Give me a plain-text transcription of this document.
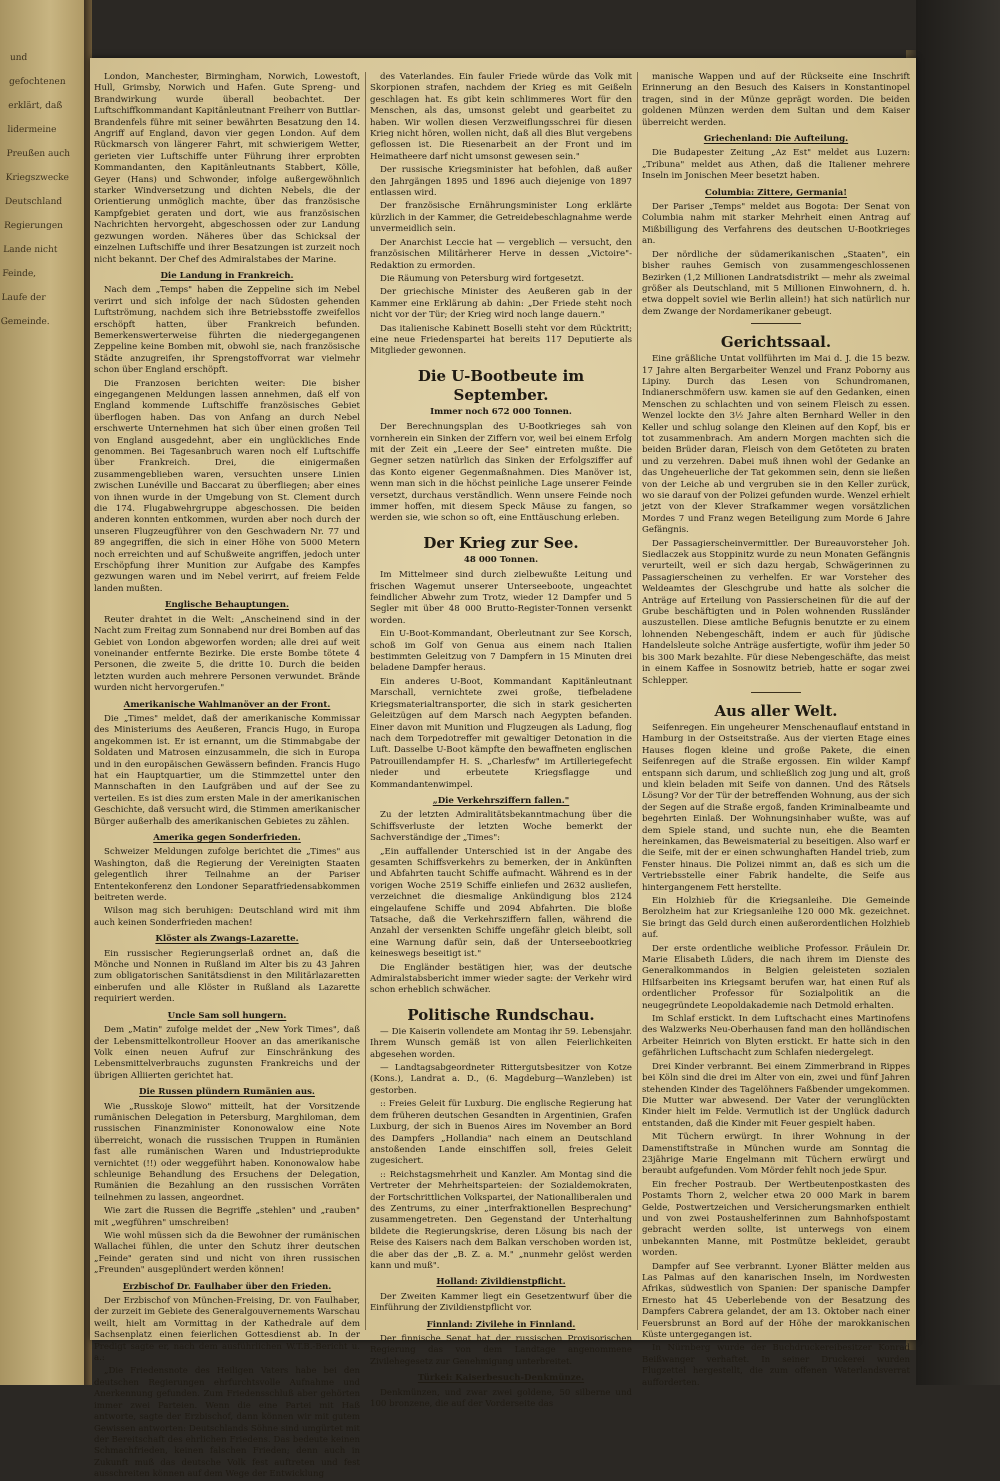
und

gefochtenen

erklärt, daß

lidermeine

Preußen auch

Kriegszwecke

Deutschland

Regierungen

Lande nicht

Feinde,

Laufe der

Gemeinde.

London, Manchester, Birmingham, Norwich, Lowestoft, Hull, Grimsby, Norwich und Hafen. Gute Spreng- und Brandwirkung wurde überall beobachtet. Der Luftschiffkommandant Kapitänleutnant Freiherr von Buttlar-Brandenfels führe mit seiner bewährten Besatzung den 14. Angriff auf England, davon vier gegen London. Auf dem Rückmarsch von längerer Fahrt, mit schwierigem Wetter, gerieten vier Luftschiffe unter Führung ihrer erprobten Kommandanten, den Kapitänleutnants Stabbert, Kölle, Geyer (Hans) und Schwonder, infolge außergewöhnlich starker Windversetzung und dichten Nebels, die der Orientierung unmöglich machte, über das französische Kampfgebiet geraten und dort, wie aus französischen Nachrichten hervorgeht, abgeschossen oder zur Landung gezwungen worden. Näheres über das Schicksal der einzelnen Luftschiffe und ihrer Besatzungen ist zurzeit noch nicht bekannt. Der Chef des Admiralstabes der Marine.

Die Landung in Frankreich.

Nach dem „Temps" haben die Zeppeline sich im Nebel verirrt und sich infolge der nach Südosten gehenden Luftströmung, nachdem sich ihre Betriebsstoffe zweifellos erschöpft hatten, über Frankreich befunden. Bemerkenswerterweise führten die niedergegangenen Zeppeline keine Bomben mit, obwohl sie, nach französische Städte anzugreifen, ihr Sprengstoffvorrat war vielmehr schon über England erschöpft.

Die Franzosen berichten weiter: Die bisher eingegangenen Meldungen lassen annehmen, daß elf von England kommende Luftschiffe französisches Gebiet überflogen haben. Das von Anfang an durch Nebel erschwerte Unternehmen hat sich über einen großen Teil von England ausgedehnt, aber ein unglückliches Ende genommen. Bei Tagesanbruch waren noch elf Luftschiffe über Frankreich. Drei, die einigermaßen zusammengeblieben waren, versuchten unsere Linien zwischen Lunéville und Baccarat zu überfliegen; aber eines von ihnen wurde in der Umgebung von St. Clement durch die 174. Flugabwehrgruppe abgeschossen. Die beiden anderen konnten entkommen, wurden aber noch durch der unseren Flugzeugführer von den Geschwadern Nr. 77 und 89 angegriffen, die sich in einer Höhe von 5000 Metern noch erreichten und auf Schußweite angriffen, jedoch unter Erschöpfung ihrer Munition zur Aufgabe des Kampfes gezwungen waren und im Nebel verirrt, auf freiem Felde landen mußten.

Englische Behauptungen.

Reuter drahtet in die Welt: „Anscheinend sind in der Nacht zum Freitag zum Sonnabend nur drei Bomben auf das Gebiet von London abgeworfen worden; alle drei auf weit voneinander entfernte Bezirke. Die erste Bombe tötete 4 Personen, die zweite 5, die dritte 10. Durch die beiden letzten wurden auch mehrere Personen verwundet. Brände wurden nicht hervorgerufen."

Amerikanische Wahlmanöver an der Front.

Die „Times" meldet, daß der amerikanische Kommissar des Ministeriums des Aeußeren, Francis Hugo, in Europa angekommen ist. Er ist ernannt, um die Stimmabgabe der Soldaten und Matrosen einzusammeln, die sich in Europa und in den europäischen Gewässern befinden. Francis Hugo hat ein Hauptquartier, um die Stimmzettel unter den Mannschaften in den Laufgräben und auf der See zu verteilen. Es ist dies zum ersten Male in der amerikanischen Geschichte, daß versucht wird, die Stimmen amerikanischer Bürger außerhalb des amerikanischen Gebietes zu zählen.

Amerika gegen Sonderfrieden.

Schweizer Meldungen zufolge berichtet die „Times" aus Washington, daß die Regierung der Vereinigten Staaten gelegentlich ihrer Teilnahme an der Pariser Ententekonferenz den Londoner Separatfriedensabkommen beitreten werde.

Wilson mag sich beruhigen: Deutschland wird mit ihm auch keinen Sonderfrieden machen!

Klöster als Zwangs-Lazarette.

Ein russischer Regierungserlaß ordnet an, daß die Mönche und Nonnen in Rußland im Alter bis zu 43 Jahren zum obligatorischen Sanitätsdienst in den Militärlazaretten einberufen und alle Klöster in Rußland als Lazarette requiriert werden.

Uncle Sam soll hungern.

Dem „Matin" zufolge meldet der „New York Times", daß der Lebensmittelkontrolleur Hoover an das amerikanische Volk einen neuen Aufruf zur Einschränkung des Lebensmittelverbrauchs zugunsten Frankreichs und der übrigen Alliierten gerichtet hat.

Die Russen plündern Rumänien aus.

Wie „Russkoje Slowo" mitteilt, hat der Vorsitzende rumänischen Delegation in Petersburg, Marghiloman, dem russischen Finanzminister Kononowalow eine Note überreicht, wonach die russischen Truppen in Rumänien fast alle rumänischen Waren und Industrieprodukte vernichtet (!!) oder weggeführt haben. Kononowalow habe schleunige Behandlung des Ersuchens der Delegation, Rumänien die Bezahlung an den russischen Vorräten teilnehmen zu lassen, angeordnet.

Wie zart die Russen die Begriffe „stehlen" und „rauben" mit „wegführen" umschreiben!

Wie wohl müssen sich da die Bewohner der rumänischen Wallachei fühlen, die unter den Schutz ihrer deutschen „Feinde" geraten sind und nicht von ihren russischen „Freunden" ausgeplündert werden können!

Erzbischof Dr. Faulhaber über den Frieden.

Der Erzbischof von München-Freising, Dr. von Faulhaber, der zurzeit im Gebiete des Generalgouvernements Warschau weilt, hielt am Vormittag in der Kathedrale auf dem Sachsenplatz einen feierlichen Gottesdienst ab. In der Predigt sagte er, nach dem ausführlichen W.T.B.-Bericht u. a.:

„Die Friedensnote des Heiligen Vaters habe bei den deutschen Regierungen ehrfurchtsvolle Aufnahme und Anerkennung gefunden. Zum Friedensschluß aber gehörten immer zwei Parteien. Wenn die eine Partei mit Haß antworte, sagte der Erzbischof, dann können wir mit gutem Gewissen antworten: Deutschlands Söhne sind umgürtet mit der Bereitschaft des ehrlichen Friedens. Das bedeute keinen Schmachfrieden, keinen falschen Frieden; denn auch in Zukunft muß das deutsche Volk fest auftreten und fest ausschreiten können auf dem Wege der Entwicklung

des Vaterlandes. Ein fauler Friede würde das Volk mit Skorpionen strafen, nachdem der Krieg es mit Geißeln geschlagen hat. Es gibt kein schlimmeres Wort für den Menschen, als das, umsonst gelebt und gearbeitet zu haben. Wir wollen diesen Verzweiflungsschrei für diesen Krieg nicht hören, wollen nicht, daß all dies Blut vergebens geflossen ist. Die Riesenarbeit an der Front und im Heimatheere darf nicht umsonst gewesen sein."

Der russische Kriegsminister hat befohlen, daß außer den Jahrgängen 1895 und 1896 auch diejenige von 1897 entlassen wird.

Der französische Ernährungsminister Long erklärte kürzlich in der Kammer, die Getreidebeschlagnahme werde unvermeidlich sein.

Der Anarchist Leccie hat — vergeblich — versucht, den französischen Militärherer Herve in dessen „Victoire"-Redaktion zu ermorden.

Die Räumung von Petersburg wird fortgesetzt.

Der griechische Minister des Aeußeren gab in der Kammer eine Erklärung ab dahin: „Der Friede steht noch nicht vor der Tür; der Krieg wird noch lange dauern."

Das italienische Kabinett Boselli steht vor dem Rücktritt; eine neue Friedenspartei hat bereits 117 Deputierte als Mitglieder gewonnen.

Die U-Bootbeute im September.
Immer noch 672 000 Tonnen.

Der Berechnungsplan des U-Bootkrieges sah von vornherein ein Sinken der Ziffern vor, weil bei einem Erfolg mit der Zeit ein „Leere der See" eintreten mußte. Die Gegner setzen natürlich das Sinken der Erfolgsziffer auf das Konto eigener Gegenmaßnahmen. Dies Manöver ist, wenn man sich in die höchst peinliche Lage unserer Feinde versetzt, durchaus verständlich. Wenn unsere Feinde noch immer hoffen, mit diesem Speck Mäuse zu fangen, so werden sie, wie schon so oft, eine Enttäuschung erleben.

Der Krieg zur See.
48 000 Tonnen.

Im Mittelmeer sind durch zielbewußte Leitung und frischen Wagemut unserer Unterseeboote, ungeachtet feindlicher Abwehr zum Trotz, wieder 12 Dampfer und 5 Segler mit über 48 000 Brutto-Register-Tonnen versenkt worden.

Ein U-Boot-Kommandant, Oberleutnant zur See Korsch, schoß im Golf von Genua aus einem nach Italien bestimmten Geleitzug von 7 Dampfern in 15 Minuten drei beladene Dampfer heraus.

Ein anderes U-Boot, Kommandant Kapitänleutnant Marschall, vernichtete zwei große, tiefbeladene Kriegsmaterialtransporter, die sich in stark gesicherten Geleitzügen auf dem Marsch nach Aegypten befanden. Einer davon mit Munition und Flugzeugen als Ladung, flog nach dem Torpedotreffer mit gewaltiger Detonation in die Luft. Dasselbe U-Boot kämpfte den bewaffneten englischen Patrouillendampfer H. S. „Charlesfw" im Artilleriegefecht nieder und erbeutete Kriegsflagge und Kommandantenwimpel.

„Die Verkehrsziffern fallen."

Zu der letzten Admiralitätsbekanntmachung über die Schiffsverluste der letzten Woche bemerkt der Sachverständige der „Times":

„Ein auffallender Unterschied ist in der Angabe des gesamten Schiffsverkehrs zu bemerken, der in Ankünften und Abfahrten taucht Schiffe aufmacht. Während es in der vorigen Woche 2519 Schiffe einliefen und 2632 ausliefen, verzeichnet die diesmalige Ankündigung blos 2124 eingelaufene Schiffe und 2094 Abfahrten. Die bloße Tatsache, daß die Verkehrsziffern fallen, während die Anzahl der versenkten Schiffe ungefähr gleich bleibt, soll eine Warnung dafür sein, daß der Unterseebootkrieg keineswegs beseitigt ist."

Die Engländer bestätigen hier, was der deutsche Admiralstabsbericht immer wieder sagte: der Verkehr wird schon erheblich schwächer.

Politische Rundschau.

— Die Kaiserin vollendete am Montag ihr 59. Lebensjahr. Ihrem Wunsch gemäß ist von allen Feierlichkeiten abgesehen worden.

— Landtagsabgeordneter Rittergutsbesitzer von Kotze (Kons.), Landrat a. D., (6. Magdeburg—Wanzleben) ist gestorben.

:: Freies Geleit für Luxburg. Die englische Regierung hat dem früheren deutschen Gesandten in Argentinien, Grafen Luxburg, der sich in Buenos Aires im November an Bord des Dampfers „Hollandia" nach einem an Deutschland anstoßenden Lande einschiffen soll, freies Geleit zugesichert.

:: Reichstagsmehrheit und Kanzler. Am Montag sind die Vertreter der Mehrheitsparteien: der Sozialdemokraten, der Fortschrittlichen Volkspartei, der Nationalliberalen und des Zentrums, zu einer „interfraktionellen Besprechung" zusammengetreten. Den Gegenstand der Unterhaltung bildete die Regierungskrise, deren Lösung bis nach der Reise des Kaisers nach dem Balkan verschoben worden ist, die aber das der „B. Z. a. M." „nunmehr gelöst werden kann und muß".

Holland: Zivildienstpflicht.

Der Zweiten Kammer liegt ein Gesetzentwurf über die Einführung der Zivildienstpflicht vor.

Finnland: Zivilehe in Finnland.

Der finnische Senat hat der russischen Provisorischen Regierung das von dem Landtage angenommene Zivilehegesetz zur Genehmigung unterbreitet.

Türkei: Kaiserbesuch-Denkmünze.

Denkmünzen, und zwar zwei goldene, 50 silberne und 100 bronzene, die auf der Vorderseite das

manische Wappen und auf der Rückseite eine Inschrift Erinnerung an den Besuch des Kaisers in Konstantinopel tragen, sind in der Münze geprägt worden. Die beiden goldenen Münzen werden dem Sultan und dem Kaiser überreicht werden.

Griechenland: Die Aufteilung.

Die Budapester Zeitung „Az Est" meldet aus Luzern: „Tribuna" meldet aus Athen, daß die Italiener mehrere Inseln im Jonischen Meer besetzt haben.

Columbia: Zittere, Germania!

Der Pariser „Temps" meldet aus Bogota: Der Senat von Columbia nahm mit starker Mehrheit einen Antrag auf Mißbilligung des Verfahrens des deutschen U-Bootkrieges an.

Der nördliche der südamerikanischen „Staaten", ein bisher rauhes Gemisch von zusammengeschlossenen Bezirken (1,2 Millionen Landratsdistrikt — mehr als zweimal größer als Deutschland, mit 5 Millionen Einwohnern, d. h. etwa doppelt soviel wie Berlin allein!) hat sich natürlich nur dem Zwange der Nordamerikaner gebeugt.

Gerichtssaal.

Eine gräßliche Untat vollführten im Mai d. J. die 15 bezw. 17 Jahre alten Bergarbeiter Wenzel und Franz Poborny aus Lipiny. Durch das Lesen von Schundromanen, Indianerschmöfern usw. kamen sie auf den Gedanken, einen Menschen zu schlachten und von seinem Fleisch zu essen. Wenzel lockte den 3½ Jahre alten Bernhard Weller in den Keller und schlug solange den Kleinen auf den Kopf, bis er tot zusammenbrach. Am andern Morgen machten sich die beiden Brüder daran, Fleisch von dem Getöteten zu braten und zu verzehren. Dabei muß ihnen wohl der Gedanke an das Ungeheuerliche der Tat gekommen sein, denn sie ließen von der Leiche ab und vergruben sie in den Keller zurück, wo sie darauf von der Polizei gefunden wurde. Wenzel erhielt jetzt von der Klever Strafkammer wegen vorsätzlichen Mordes 7 und Franz wegen Beteiligung zum Morde 6 Jahre Gefängnis.

Der Passagierscheinvermittler. Der Bureauvorsteher Joh. Siedlaczek aus Stoppinitz wurde zu neun Monaten Gefängnis verurteilt, weil er sich dazu hergab, Schwägerinnen zu Passagierscheinen zu verhelfen. Er war Vorsteher des Weldeamtes der Gleschgrube und hatte als solcher die Anträge auf Erteilung von Passierscheinen für die auf der Grube beschäftigten und in Polen wohnenden Russländer auszustellen. Diese amtliche Befugnis benutzte er zu einem lohnenden Nebengeschäft, indem er auch für jüdische Handelsleute solche Anträge ausfertigte, wofür ihm jeder 50 bis 300 Mark bezahlte. Für diese Nebengeschäfte, das meist in einem Kaffee in Sosnowitz betrieb, hatte er sogar zwei Schlepper.

Aus aller Welt.

Seifenregen. Ein ungeheurer Menschenauflauf entstand in Hamburg in der Ostseitstraße. Aus der vierten Etage eines Hauses flogen kleine und große Pakete, die einen Seifenregen auf die Straße ergossen. Ein wilder Kampf entspann sich darum, und schließlich zog jung und alt, groß und klein beladen mit Seife von dannen. Und des Rätsels Lösung? Vor der Tür der betreffenden Wohnung, aus der sich der Segen auf die Straße ergoß, fanden Kriminalbeamte und begehrten Einlaß. Der Wohnungsinhaber wußte, was auf dem Spiele stand, und suchte nun, ehe die Beamten hereinkamen, das Beweismaterial zu beseitigen. Also warf er die Seife, mit der er einen schwunghaften Handel trieb, zum Fenster hinaus. Die Polizei nimmt an, daß es sich um die Vertriebsstelle einer Fabrik handelte, die Seife aus hintergangenem Fett herstellte.

Ein Holzhieb für die Kriegsanleihe. Die Gemeinde Berolzheim hat zur Kriegsanleihe 120 000 Mk. gezeichnet. Sie bringt das Geld durch einen außerordentlichen Holzhieb auf.

Der erste ordentliche weibliche Professor. Fräulein Dr. Marie Elisabeth Lüders, die nach ihrem im Dienste des Generalkommandos in Belgien geleisteten sozialen Hilfsarbeiten ins Kriegsamt berufen war, hat einen Ruf als ordentlicher Professor für Sozialpolitik an die neugegründete Leopoldakademie nach Detmold erhalten.

Im Schlaf erstickt. In dem Luftschacht eines Martinofens des Walzwerks Neu-Oberhausen fand man den holländischen Arbeiter Heinrich von Blyten erstickt. Er hatte sich in den gefährlichen Luftschacht zum Schlafen niedergelegt.

Drei Kinder verbrannt. Bei einem Zimmerbrand in Rippes bei Köln sind die drei im Alter von ein, zwei und fünf Jahren stehenden Kinder des Tagelöhners Faßbender umgekommen. Die Mutter war abwesend. Der Vater der verunglückten Kinder hielt im Felde. Vermutlich ist der Unglück dadurch entstanden, daß die Kinder mit Feuer gespielt haben.

Mit Tüchern erwürgt. In ihrer Wohnung in der Damenstiftstraße in München wurde am Sonntag die 23jährige Marie Engelmann mit Tüchern erwürgt und beraubt aufgefunden. Vom Mörder fehlt noch jede Spur.

Ein frecher Postraub. Der Wertbeutenpostkasten des Postamts Thorn 2, welcher etwa 20 000 Mark in barem Gelde, Postwertzeichen und Versicherungsmarken enthielt und von zwei Postaushelferinnen zum Bahnhofspostamt gebracht werden sollte, ist unterwegs von einem unbekannten Manne, mit Postmütze bekleidet, geraubt worden.

Dampfer auf See verbrannt. Lyoner Blätter melden aus Las Palmas auf den kanarischen Inseln, im Nordwesten Afrikas, südwestlich von Spanien: Der spanische Dampfer Ernesto hat 45 Ueberlebende von der Besatzung des Dampfers Cabrera gelandet, der am 13. Oktober nach einer Feuersbrunst an Bord auf der Höhe der marokkanischen Küste untergegangen ist.

In Nürnberg wurde der Buchdruckereibesitzer Konrad Beißwanger verhaftet. In seiner Druckerei wurden Flugzettel hergestellt, die zum offenen Waterlandsverrat aufforderten.
